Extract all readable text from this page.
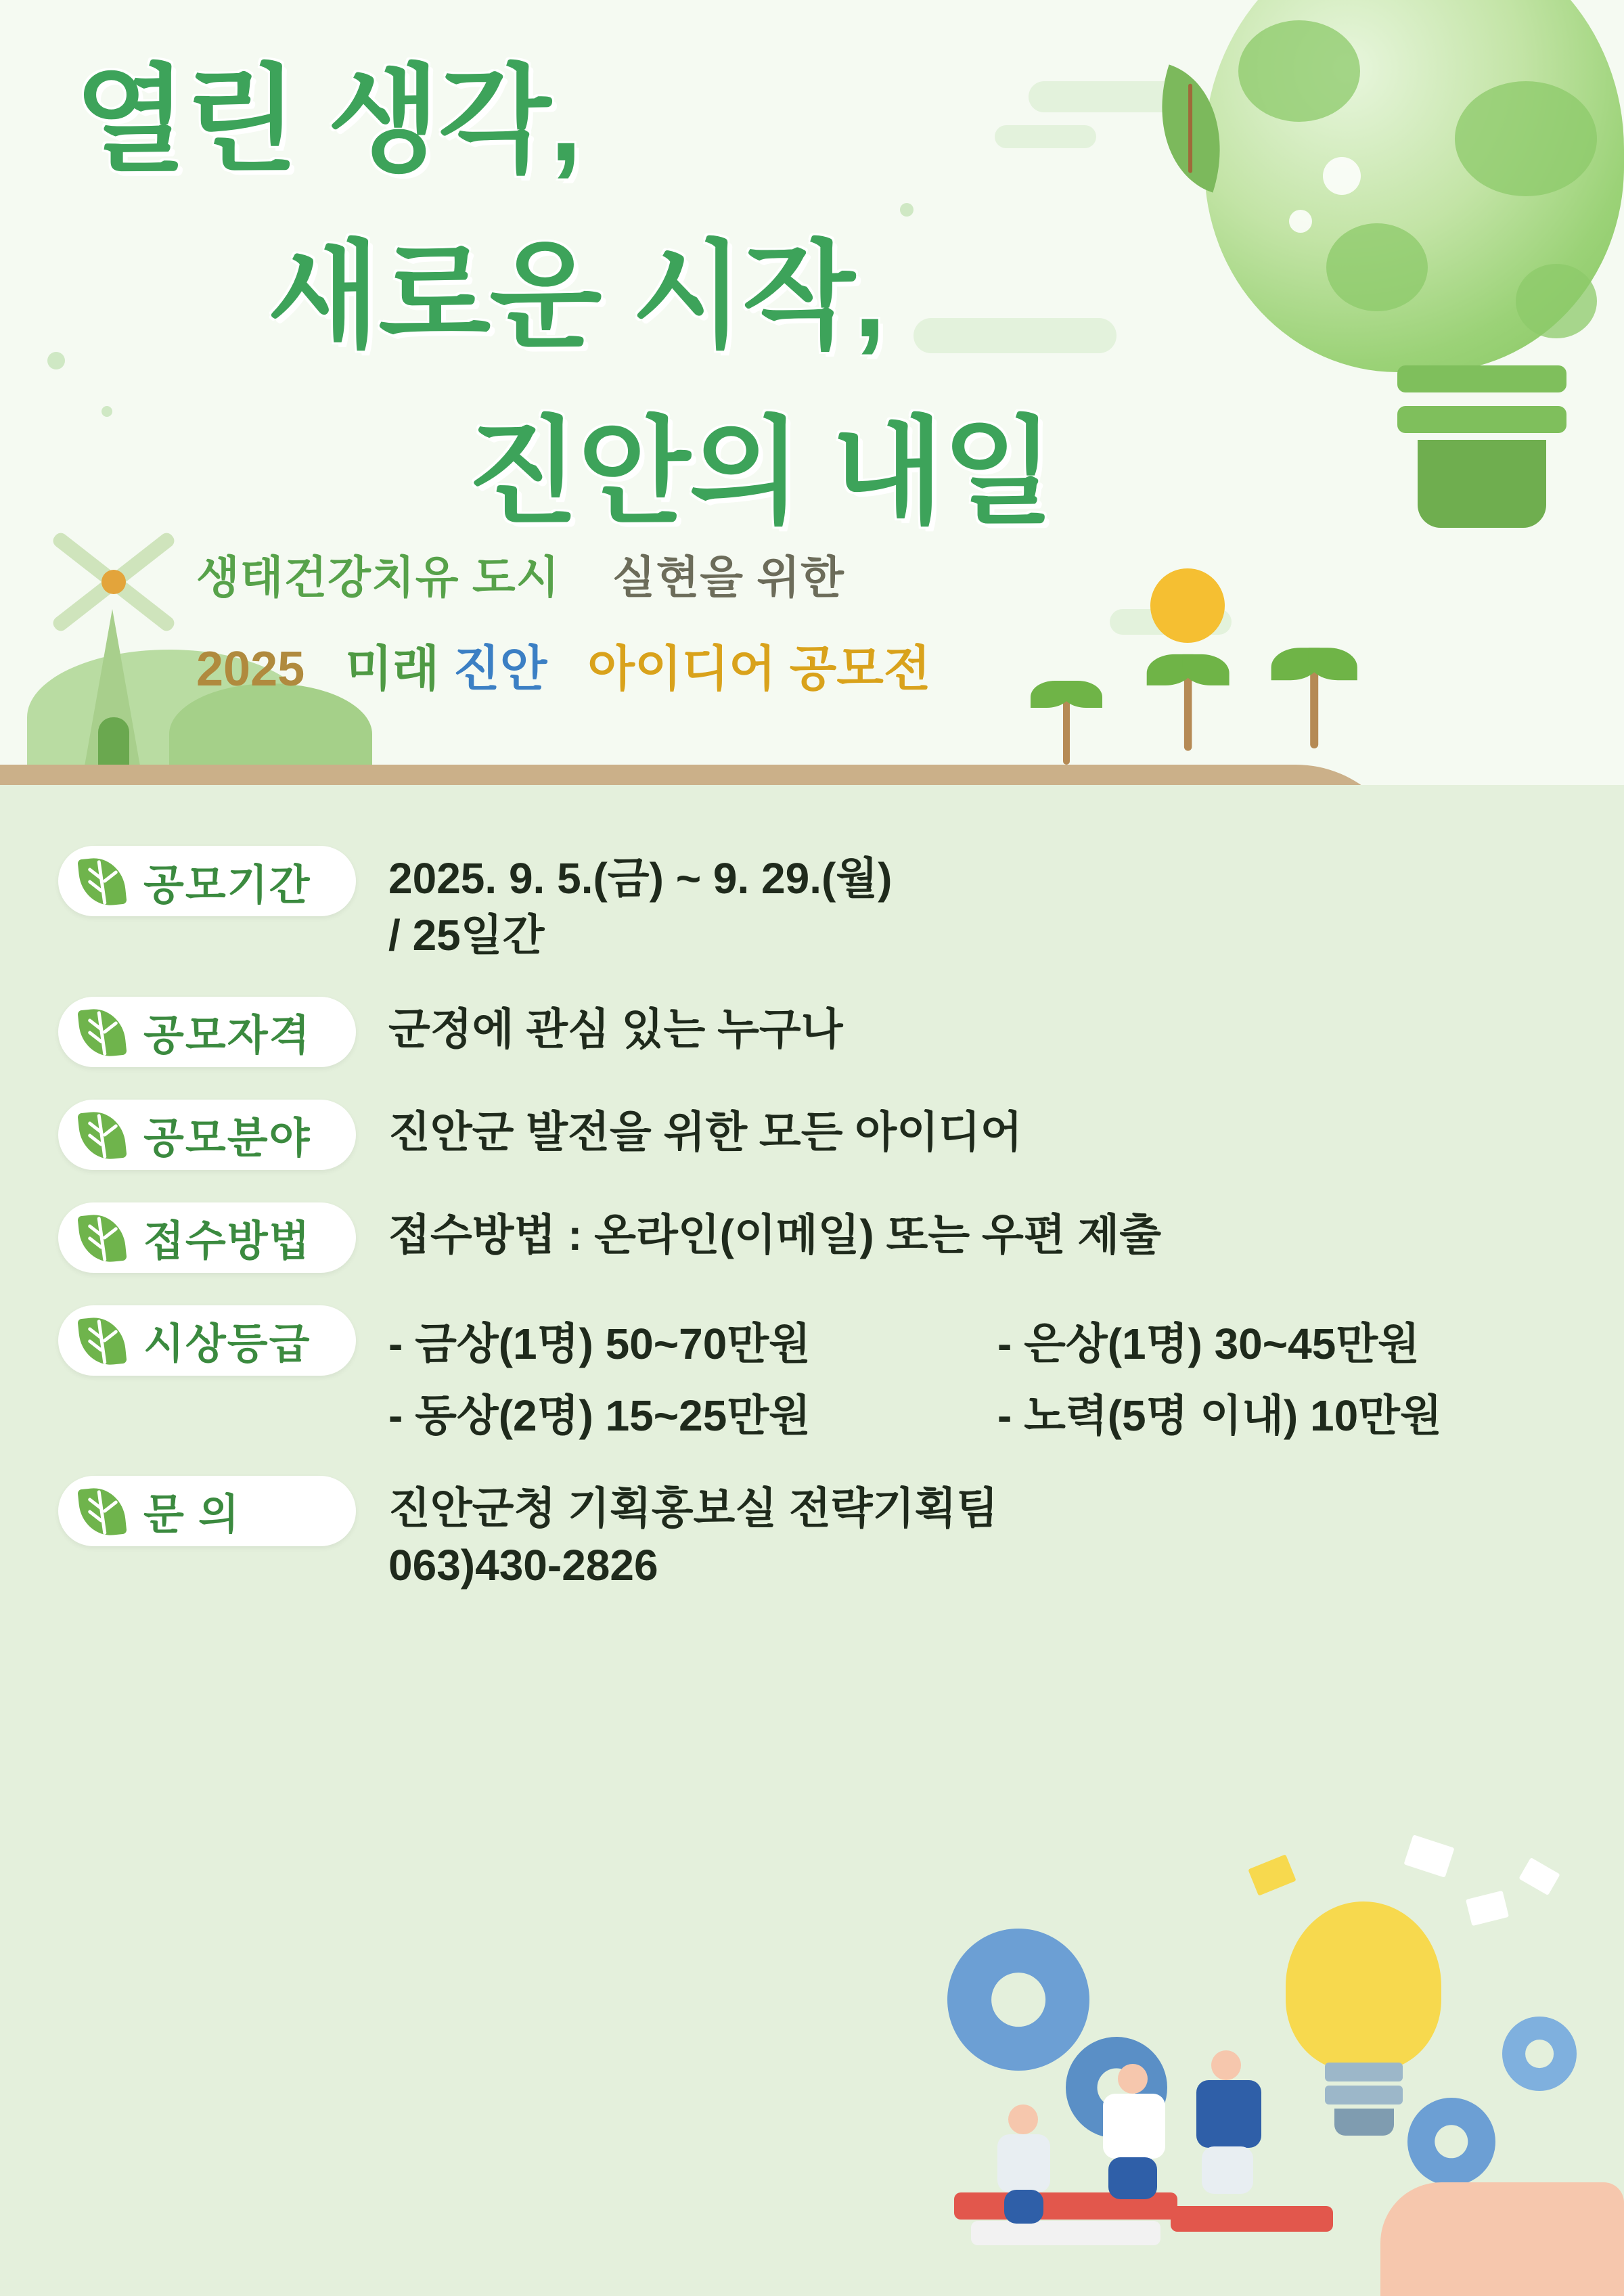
열린 생각,
새로운 시작,
진안의 내일
생태건강치유 도시 실현을 위한
2025 미래 진안 아이디어 공모전
공모기간 2025. 9. 5.(금) ~ 9. 29.(월)
/ 25일간
공모자격 군정에 관심 있는 누구나
공모분야 진안군 발전을 위한 모든 아이디어
접수방법 접수방법 : 온라인(이메일) 또는 우편 제출
시상등급 - 금상(1명) 50~70만원	- 은상(1명) 30~45만원
- 동상(2명) 15~25만원	- 노력(5명 이내) 10만원
문 의	진안군청 기획홍보실 전략기획팀
063)430-2826
